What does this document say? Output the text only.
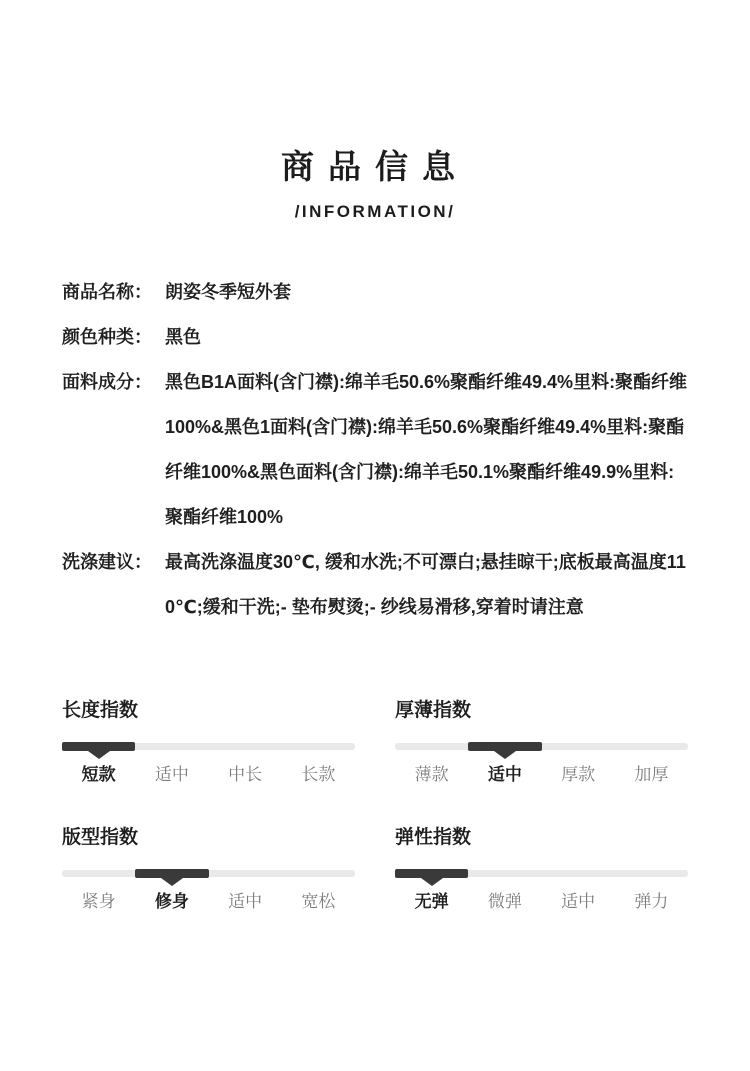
商品信息
/INFORMATION/
商品名称： 朗姿冬季短外套
颜色种类： 黑色
面料成分： 黑色B1A面料(含门襟):绵羊毛50.6%聚酯纤维49.4%里料:聚酯纤维100%&黑色1面料(含门襟):绵羊毛50.6%聚酯纤维49.4%里料:聚酯纤维100%&黑色面料(含门襟):绵羊毛50.1%聚酯纤维49.9%里料:聚酯纤维100%
洗涤建议： 最高洗涤温度30℃, 缓和水洗;不可漂白;悬挂晾干;底板最高温度110℃;缓和干洗;- 垫布熨烫;- 纱线易滑移,穿着时请注意
长度指数
短款	适中	中长	长款
厚薄指数
薄款	适中	厚款	加厚
版型指数
紧身	修身	适中	宽松
弹性指数
无弹	微弹	适中	弹力
